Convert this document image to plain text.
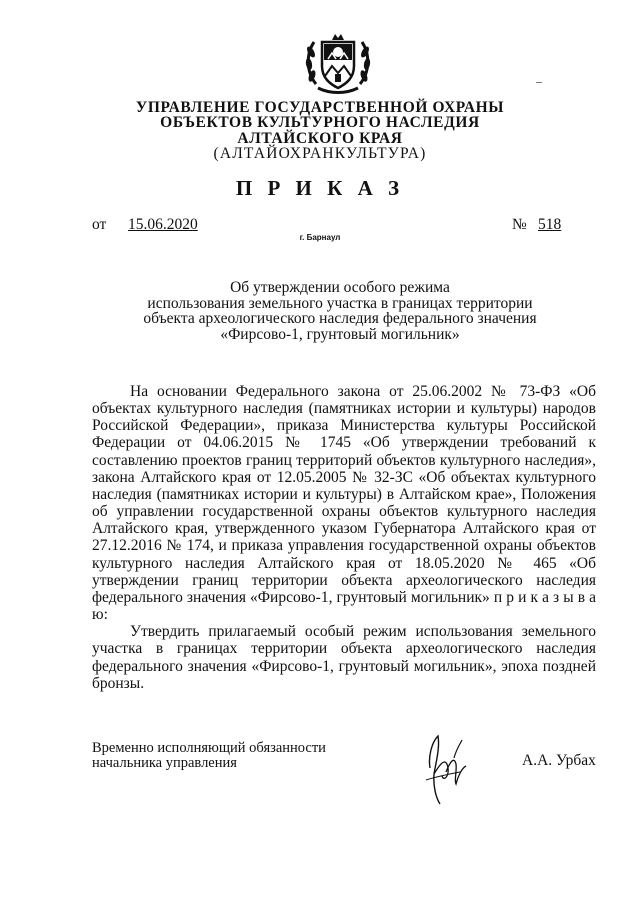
–
УПРАВЛЕНИЕ ГОСУДАРСТВЕННОЙ ОХРАНЫ
ОБЪЕКТОВ КУЛЬТУРНОГО НАСЛЕДИЯ
АЛТАЙСКОГО КРАЯ
(АЛТАЙОХРАНКУЛЬТУРА)
П Р И К А З
от 15.06.2020	№ 518
г. Барнаул
Об утверждении особого режима
использования земельного участка в границах территории
объекта археологического наследия федерального значения
«Фирсово-1, грунтовый могильник»
На основании Федерального закона от 25.06.2002 № 73-ФЗ «Об объектах культурного наследия (памятниках истории и культуры) народов Российской Федерации», приказа Министерства культуры Российской Федерации от 04.06.2015 № 1745 «Об утверждении требований к составлению проектов границ территорий объектов культурного наследия», закона Алтайского края от 12.05.2005 № 32-ЗС «Об объектах культурного наследия (памятниках истории и культуры) в Алтайском крае», Положения об управлении государственной охраны объектов культурного наследия Алтайского края, утвержденного указом Губернатора Алтайского края от 27.12.2016 № 174, и приказа управления государственной охраны объектов культурного наследия Алтайского края от 18.05.2020 № 465 «Об утверждении границ территории объекта археологического наследия федерального значения «Фирсово-1, грунтовый могильник» п р и к а з ы в а ю:
Утвердить прилагаемый особый режим использования земельного участка в границах территории объекта археологического наследия федерального значения «Фирсово-1, грунтовый могильник», эпоха поздней бронзы.
Временно исполняющий обязанности
начальника управления	А.А. Урбах
